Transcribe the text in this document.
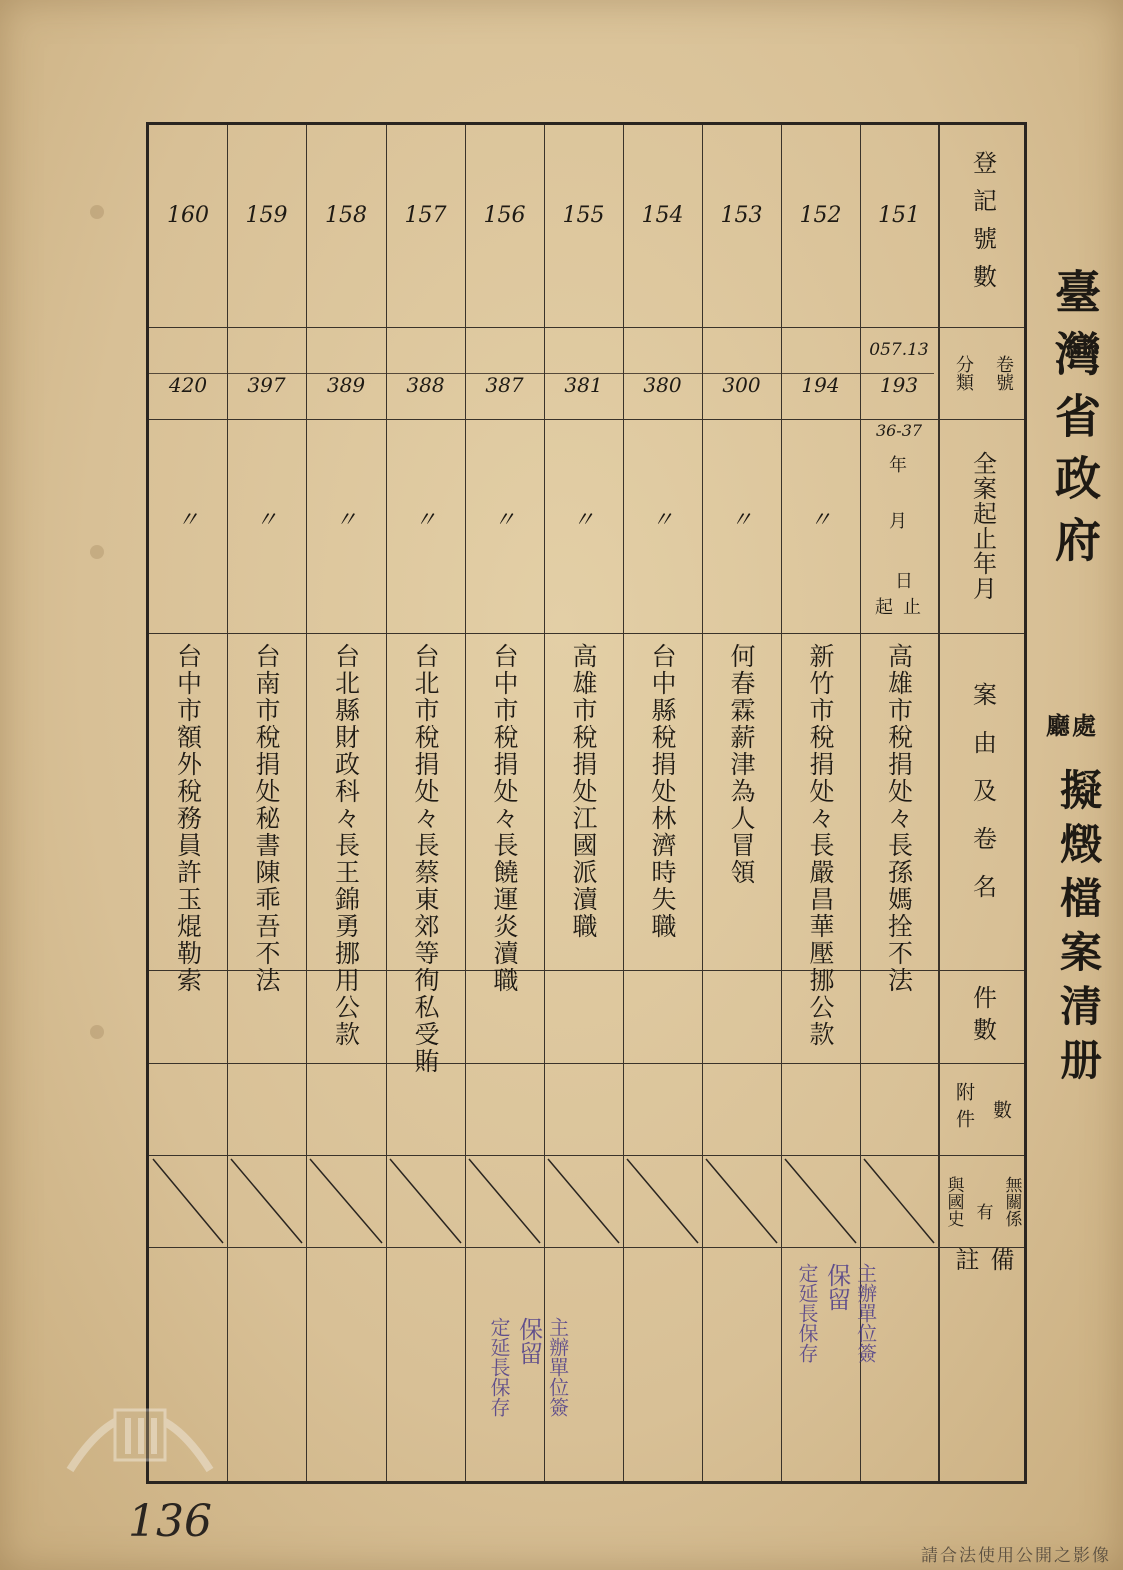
臺灣省政府
廳處
擬燬檔案清册
登記號數
卷號
分類
全案起止年月
案由及卷名
件數
數
附件
無關係
有
與國史
備註
057.13
36-37
年
月
日
起止
151
193
高雄市稅捐处々長孫媽拴不法
152
194
〃
新竹市稅捐处々長嚴昌華壓挪公款
153
300
〃
何春霖薪津為人冒領
154
380
〃
台中縣稅捐处林濟時失職
155
381
〃
高雄市稅捐处江國派瀆職
156
387
〃
台中市稅捐处々長饒運炎瀆職
157
388
〃
台北市稅捐处々長蔡東郊等徇私受賄
158
389
〃
台北縣財政科々長王錦勇挪用公款
159
397
〃
台南市稅捐处秘書陳乖吾不法
160
420
〃
台中市額外稅務員許玉焜勒索
主辦單位簽
保留
定延長保存
主辦單位簽
保留
定延長保存
136
請合法使用公開之影像
